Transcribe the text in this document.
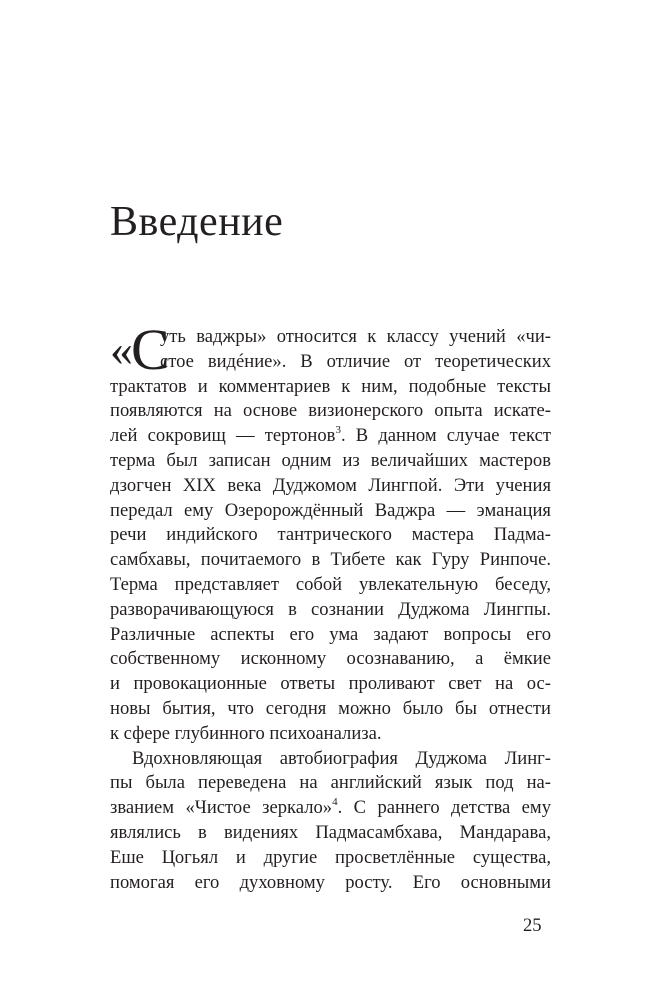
Введение
«С
уть ваджры» относится к классу учений «чи-
стое видéние». В отличие от теоретических
трактатов и комментариев к ним, подобные тексты
появляются на основе визионерского опыта искате-
лей сокровищ — тертонов$^3$. В данном случае текст
терма был записан одним из величайших мастеров
дзогчен XIX века Дуджомом Лингпой. Эти учения
передал ему Озеророждённый Ваджра — эманация
речи индийского тантрического мастера Падма-
самбхавы, почитаемого в Тибете как Гуру Ринпоче.
Терма представляет собой увлекательную беседу,
разворачивающуюся в сознании Дуджома Лингпы.
Различные аспекты его ума задают вопросы его
собственному исконному осознаванию, а ёмкие
и провокационные ответы проливают свет на ос-
новы бытия, что сегодня можно было бы отнести
к сфере глубинного психоанализа.
Вдохновляющая автобиография Дуджома Линг-
пы была переведена на английский язык под на-
званием «Чистое зеркало»$^4$. С раннего детства ему
являлись в видениях Падмасамбхава, Мандарава,
Еше Цогьял и другие просветлённые существа,
помогая его духовному росту. Его основными
25
